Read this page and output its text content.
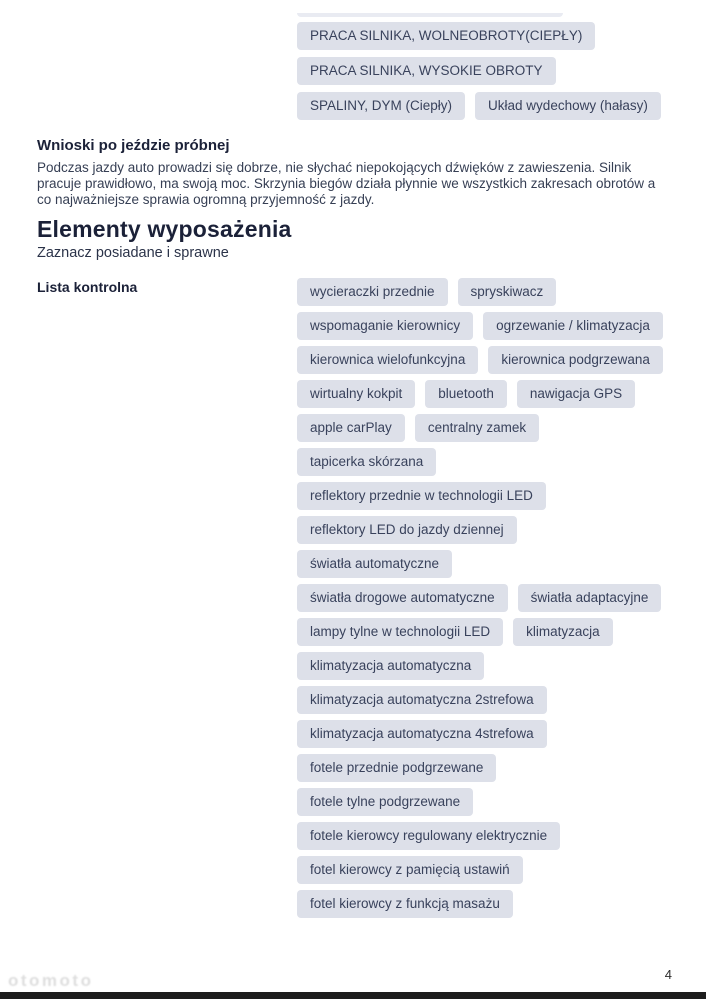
PRACA SILNIKA, WOLNEOBROTY(CIEPŁY)
PRACA SILNIKA, WYSOKIE OBROTY
SPALINY, DYM (Ciepły)	Układ wydechowy (hałasy)
Wnioski po jeździe próbnej

Podczas jazdy auto prowadzi się dobrze, nie słychać niepokojących dźwięków z zawieszenia. Silnik pracuje prawidłowo, ma swoją moc. Skrzynia biegów działa płynnie we wszystkich zakresach obrotów a co najważniejsze sprawia ogromną przyjemność z jazdy.

Elementy wyposażenia
Zaznacz posiadane i sprawne
Lista kontrolna	wycieraczki przednie	spryskiwacz
wspomaganie kierownicy	ogrzewanie / klimatyzacja
kierownica wielofunkcyjna	kierownica podgrzewana
wirtualny kokpit	bluetooth	nawigacja GPS
apple carPlay	centralny zamek
tapicerka skórzana
reflektory przednie w technologii LED
reflektory LED do jazdy dziennej
światła automatyczne
światła drogowe automatyczne	światła adaptacyjne
lampy tylne w technologii LED	klimatyzacja
klimatyzacja automatyczna
klimatyzacja automatyczna 2strefowa
klimatyzacja automatyczna 4strefowa
fotele przednie podgrzewane
fotele tylne podgrzewane
fotele kierowcy regulowany elektrycznie
fotel kierowcy z pamięcią ustawiń
fotel kierowcy z funkcją masażu
otomoto	4
